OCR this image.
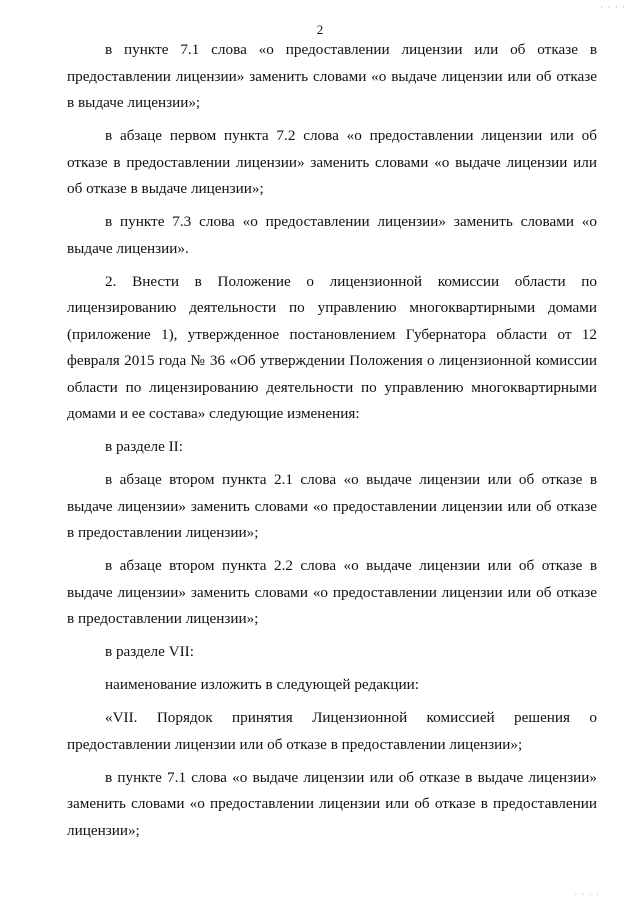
· · · ·
2

в пункте 7.1 слова «о предоставлении лицензии или об отказе в предоставлении лицензии» заменить словами «о выдаче лицензии или об отказе в выдаче лицензии»;

в абзаце первом пункта 7.2 слова «о предоставлении лицензии или об отказе в предоставлении лицензии» заменить словами «о выдаче лицензии или об отказе в выдаче лицензии»;

в пункте 7.3 слова «о предоставлении лицензии» заменить словами «о выдаче лицензии».

2. Внести в Положение о лицензионной комиссии области по лицензированию деятельности по управлению многоквартирными домами (приложение 1), утвержденное постановлением Губернатора области от 12 февраля 2015 года № 36 «Об утверждении Положения о лицензионной комиссии области по лицензированию деятельности по управлению многоквартирными домами и ее состава» следующие изменения:

в разделе II:

в абзаце втором пункта 2.1 слова «о выдаче лицензии или об отказе в выдаче лицензии» заменить словами «о предоставлении лицензии или об отказе в предоставлении лицензии»;

в абзаце втором пункта 2.2 слова «о выдаче лицензии или об отказе в выдаче лицензии» заменить словами «о предоставлении лицензии или об отказе в предоставлении лицензии»;

в разделе VII:

наименование изложить в следующей редакции:

«VII. Порядок принятия Лицензионной комиссией решения о предоставлении лицензии или об отказе в предоставлении лицензии»;

в пункте 7.1 слова «о выдаче лицензии или об отказе в выдаче лицензии» заменить словами «о предоставлении лицензии или об отказе в предоставлении лицензии»;

· · · ·
